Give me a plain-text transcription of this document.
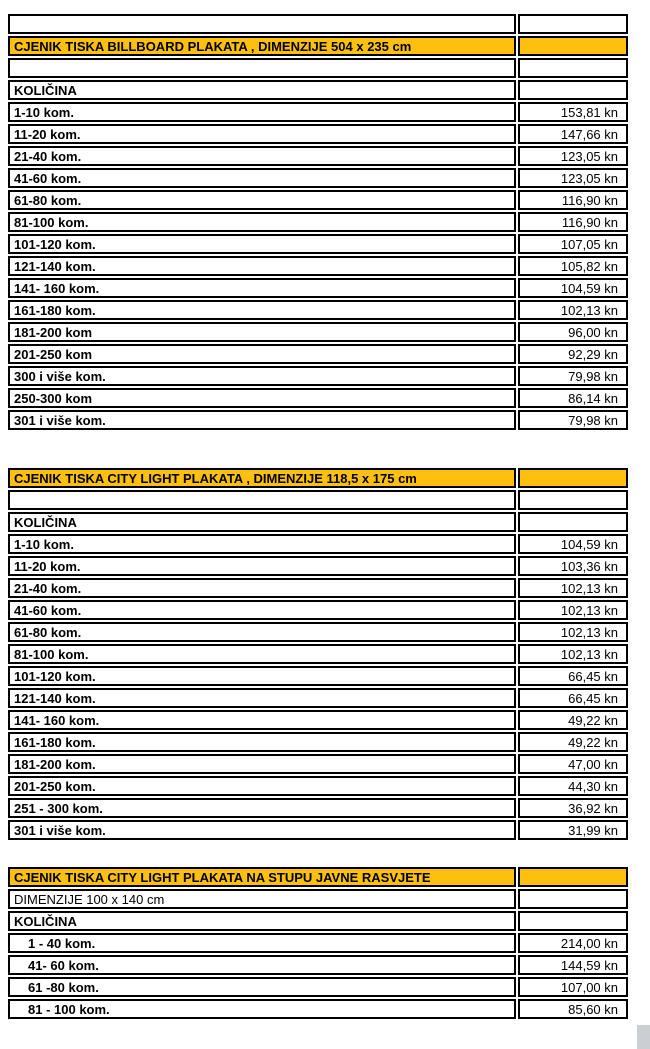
CJENIK TISKA BILLBOARD PLAKATA , DIMENZIJE 504 x 235 cm	

KOLIČINA	
1-10 kom.	153,81 kn
11-20 kom.	147,66 kn
21-40 kom.	123,05 kn
41-60 kom.	123,05 kn
61-80 kom.	116,90 kn
81-100 kom.	116,90 kn
101-120 kom.	107,05 kn
121-140 kom.	105,82 kn
141- 160 kom.	104,59 kn
161-180 kom.	102,13 kn
181-200 kom	96,00 kn
201-250 kom	92,29 kn
300 i više kom.	79,98 kn
250-300 kom	86,14 kn
301 i više kom.	79,98 kn
CJENIK TISKA CITY LIGHT PLAKATA , DIMENZIJE 118,5 x 175 cm	

KOLIČINA	
1-10 kom.	104,59 kn
11-20 kom.	103,36 kn
21-40 kom.	102,13 kn
41-60 kom.	102,13 kn
61-80 kom.	102,13 kn
81-100 kom.	102,13 kn
101-120 kom.	66,45 kn
121-140 kom.	66,45 kn
141- 160 kom.	49,22 kn
161-180 kom.	49,22 kn
181-200 kom.	47,00 kn
201-250 kom.	44,30 kn
251 - 300 kom.	36,92 kn
301 i više kom.	31,99 kn
CJENIK TISKA CITY LIGHT PLAKATA NA STUPU JAVNE RASVJETE	
DIMENZIJE 100 x 140 cm	
KOLIČINA	
1 - 40 kom.	214,00 kn
41- 60 kom.	144,59 kn
61 -80 kom.	107,00 kn
81 - 100 kom.	85,60 kn
